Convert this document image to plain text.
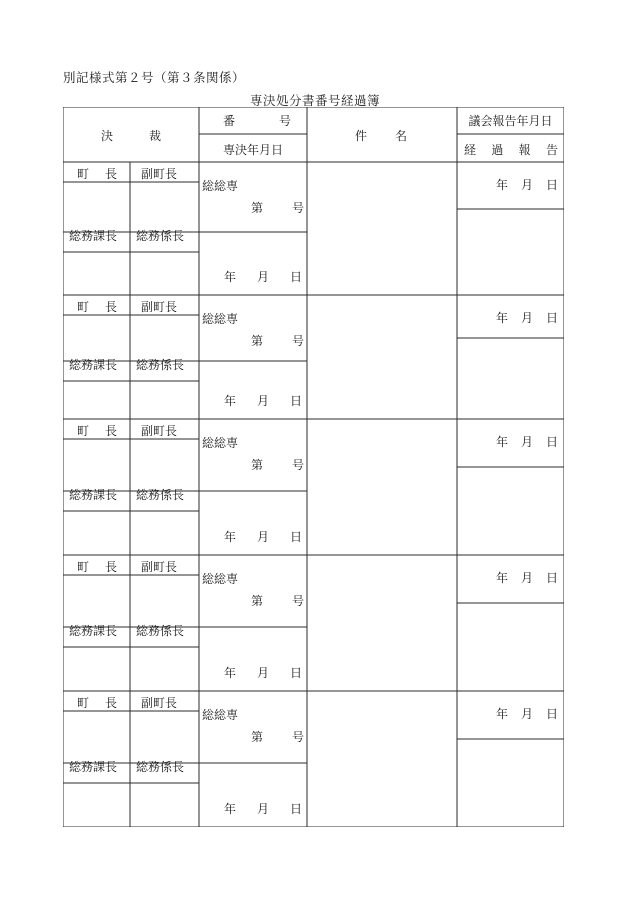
別記様式第２号（第３条関係）
専決処分書番号経過簿
決	裁
番	号
専決年月日
件 名
議会報告年月日
経 過 報 告
町 長 副町長
総総専
第 号
年 月 日
総務課長 総務係長
年 月 日
町 長 副町長
総総専
第 号
年 月 日
総務課長 総務係長
年 月 日
町 長 副町長
総総専
第 号
年 月 日
総務課長 総務係長
年 月 日
町 長 副町長
総総専
第 号
年 月 日
総務課長 総務係長
年 月 日
町 長 副町長
総総専
第 号
年 月 日
総務課長 総務係長
年 月 日
